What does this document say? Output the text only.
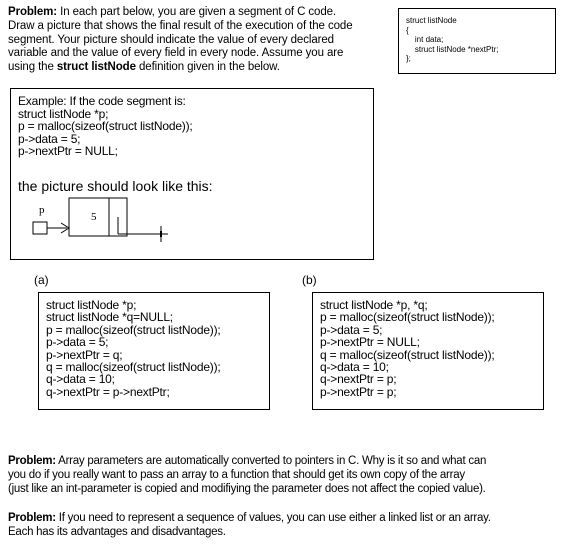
Problem: In each part below, you are given a segment of C code.
Draw a picture that shows the final result of the execution of the code
segment. Your picture should indicate the value of every declared
variable and the value of every field in every node. Assume you are
using the struct listNode definition given in the below.
struct listNode
{
int data;
struct listNode *nextPtr;
};
Example: If the code segment is:
struct listNode *p;
p = malloc(sizeof(struct listNode));
p->data = 5;
p->nextPtr = NULL;
the picture should look like this:
p
5
(a)
struct listNode *p;
struct listNode *q=NULL;
p = malloc(sizeof(struct listNode));
p->data = 5;
p->nextPtr = q;
q = malloc(sizeof(struct listNode));
q->data = 10;
q->nextPtr = p->nextPtr;
(b)
struct listNode *p, *q;
p = malloc(sizeof(struct listNode));
p->data = 5;
p->nextPtr = NULL;
q = malloc(sizeof(struct listNode));
q->data = 10;
q->nextPtr = p;
p->nextPtr = p;
Problem: Array parameters are automatically converted to pointers in C. Why is it so and what can
you do if you really want to pass an array to a function that should get its own copy of the array
(just like an int-parameter is copied and modifiying the parameter does not affect the copied value).
Problem: If you need to represent a sequence of values, you can use either a linked list or an array.
Each has its advantages and disadvantages.
